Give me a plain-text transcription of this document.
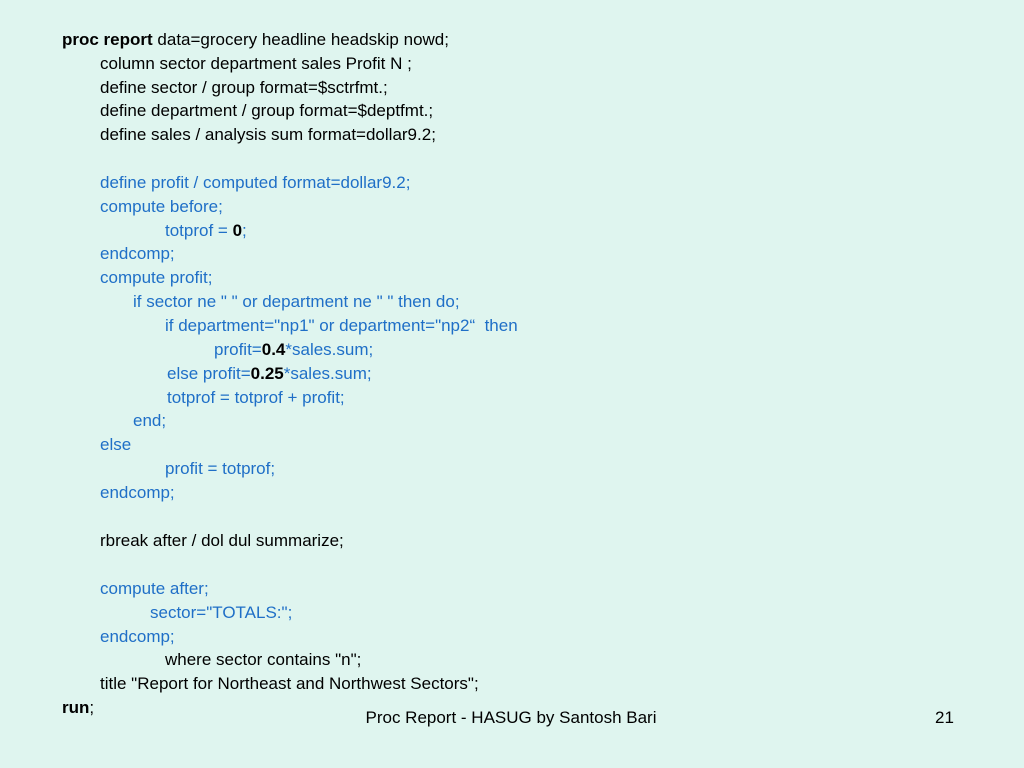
proc report data=grocery headline headskip nowd;
column sector department sales Profit N ;
define sector / group format=$sctrfmt.;
define department / group format=$deptfmt.;
define sales / analysis sum format=dollar9.2;
define profit / computed format=dollar9.2;
compute before;
totprof = 0;
endcomp;
compute profit;
if sector ne " " or department ne " " then do;
if department="np1" or department="np2“  then
profit=0.4*sales.sum;
else profit=0.25*sales.sum;
totprof = totprof + profit;
end;
else
profit = totprof;
endcomp;
rbreak after / dol dul summarize;
compute after;
sector="TOTALS:";
endcomp;
where sector contains "n";
title "Report for Northeast and Northwest Sectors";
run;
Proc Report - HASUG by Santosh Bari	21
